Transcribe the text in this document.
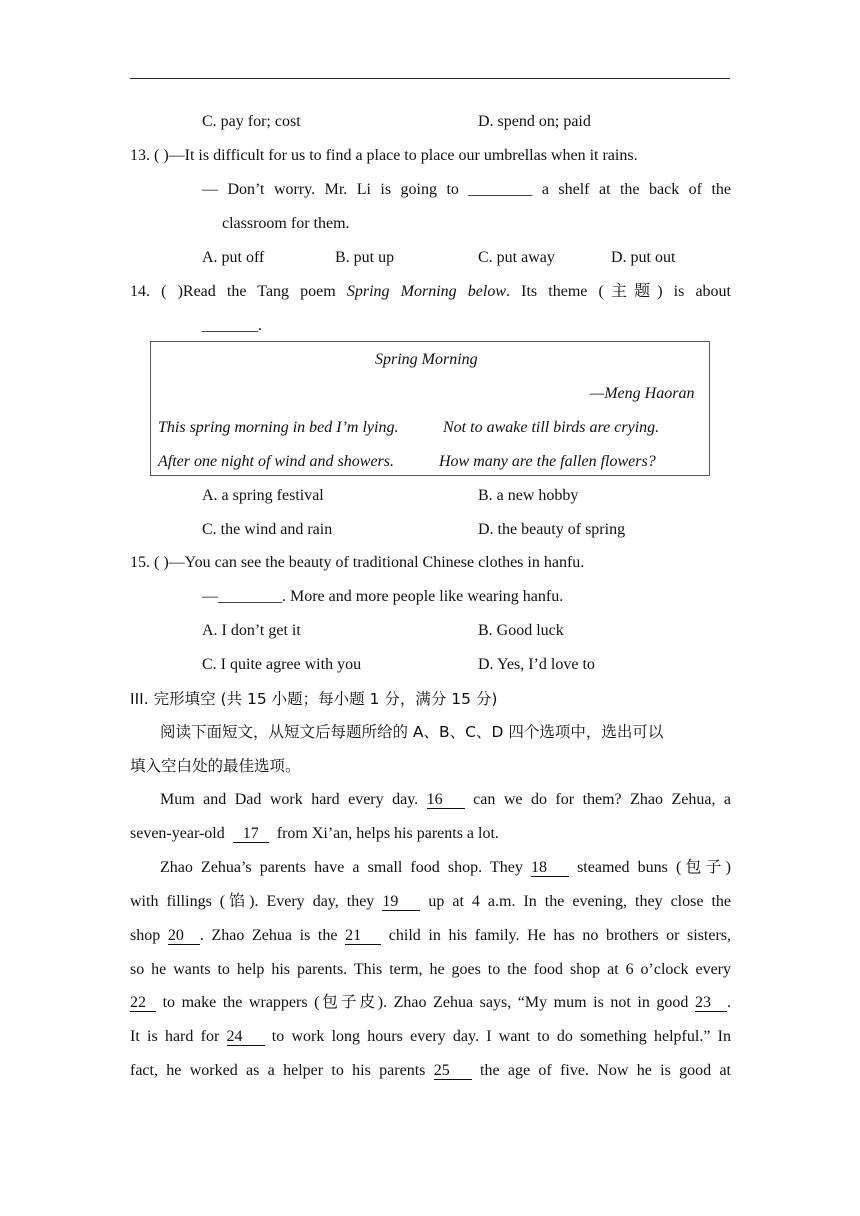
C. pay for; cost	D. spend on; paid
13. ( )—It is difficult for us to find a place to place our umbrellas when it rains.
— Don’t worry. Mr. Li is going to ________ a shelf at the back of the
classroom for them.
A. put off	B. put up	C. put away	D. put out
14. ( )Read the Tang poem Spring Morning below. Its theme (主题) is about
_______.
Spring Morning
—Meng Haoran
This spring morning in bed I’m lying.	Not to awake till birds are crying.
After one night of wind and showers.	How many are the fallen flowers?
A. a spring festival	B. a new hobby
C. the wind and rain	D. the beauty of spring
15. ( )—You can see the beauty of traditional Chinese clothes in hanfu.
—________. More and more people like wearing hanfu.
A. I don’t get it	B. Good luck
C. I quite agree with you	D. Yes, I’d love to
III. 完形填空 (共 15 小题；每小题 1 分，满分 15 分)
阅读下面短文，从短文后每题所给的 A、B、C、D 四个选项中，选出可以
填入空白处的最佳选项。
Mum and Dad work hard every day. 16 can we do for them? Zhao Zehua, a
seven-year-old 17 from Xi’an, helps his parents a lot.
Zhao Zehua’s parents have a small food shop. They 18 steamed buns (包子)
with fillings (馅). Every day, they 19 up at 4 a.m. In the evening, they close the
shop 20 . Zhao Zehua is the 21 child in his family. He has no brothers or sisters,
so he wants to help his parents. This term, he goes to the food shop at 6 o’clock every
22 to make the wrappers (包子皮). Zhao Zehua says, “My mum is not in good 23 .
It is hard for 24 to work long hours every day. I want to do something helpful.” In
fact, he worked as a helper to his parents 25 the age of five. Now he is good at
